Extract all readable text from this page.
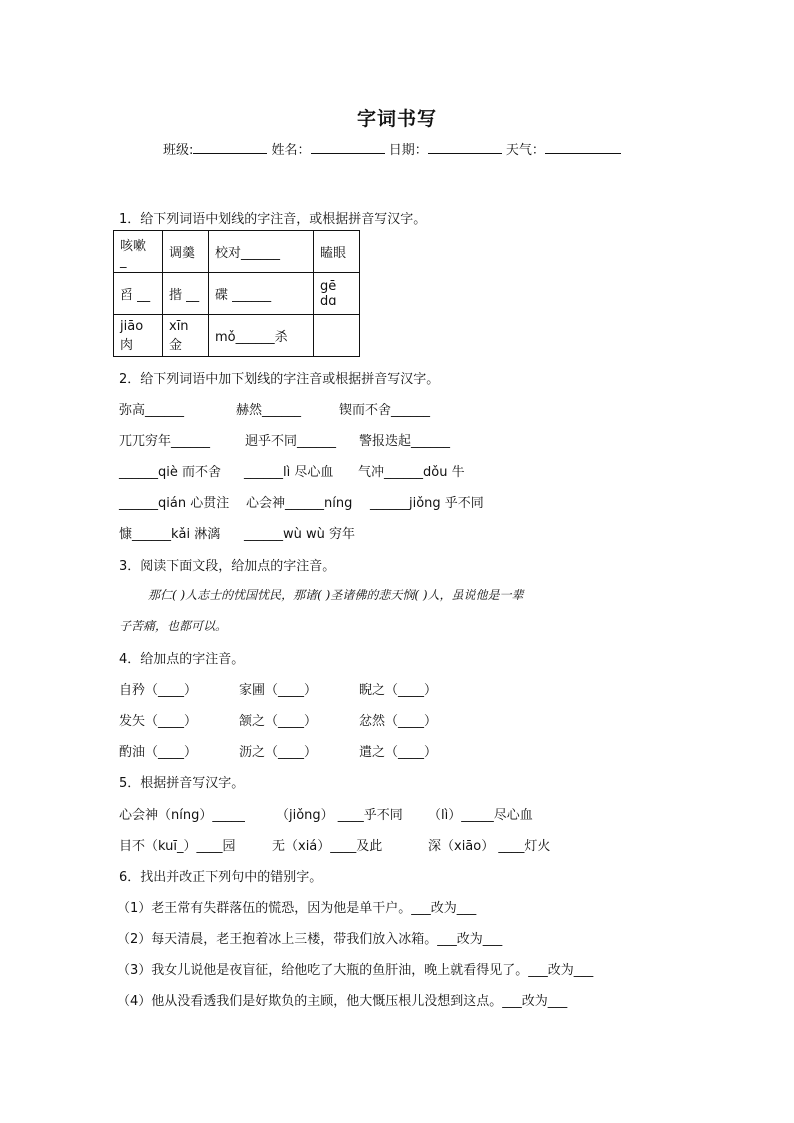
字词书写
班级:	姓名：	日期：	天气：
1．给下列词语中划线的字注音，或根据拼音写汉字。
咳嗽 _	调羹	校对______	瞌眼
舀 __	揩 __	碟 ______	gē dɑ
jiāo 肉	xīn 金	mǒ______杀	
2．给下列词语中加下划线的字注音或根据拼音写汉字。
弥高______	赫然______	锲而不舍______
兀兀穷年______	迥乎不同______ 警报迭起______
______qiè 而不舍 ______lì 尽心血 气冲______dǒu 牛
______qián 心贯注 心会神______níng ______jiǒng 乎不同
慷______kǎi 淋漓 ______wù wù 穷年
3．阅读下面文段，给加点的字注音。
那仁( )人志士的忧国忧民，那诸( )圣诸佛的悲天悯( )人，虽说他是一辈
子苦痛，也都可以。
4．给加点的字注音。
自矜（____）	家圃（____）	睨之（____）
发矢（____）	颔之（____）	忿然（____）
酌油（____）	沥之（____）	遣之（____）
5．根据拼音写汉字。
心会神（níng）_____ （jiǒng） ____乎不同 （lì）_____尽心血
目不（kuī_）____园	无（xiá）____及此	深（xiāo） ____灯火
6．找出并改正下列句中的错别字。
（1）老王常有失群落伍的慌恐，因为他是单干户。___改为___
（2）每天清晨，老王抱着冰上三楼，带我们放入冰箱。___改为___
（3）我女儿说他是夜盲征，给他吃了大瓶的鱼肝油，晚上就看得见了。___改为___
（4）他从没看透我们是好欺负的主顾，他大慨压根儿没想到这点。___改为___
